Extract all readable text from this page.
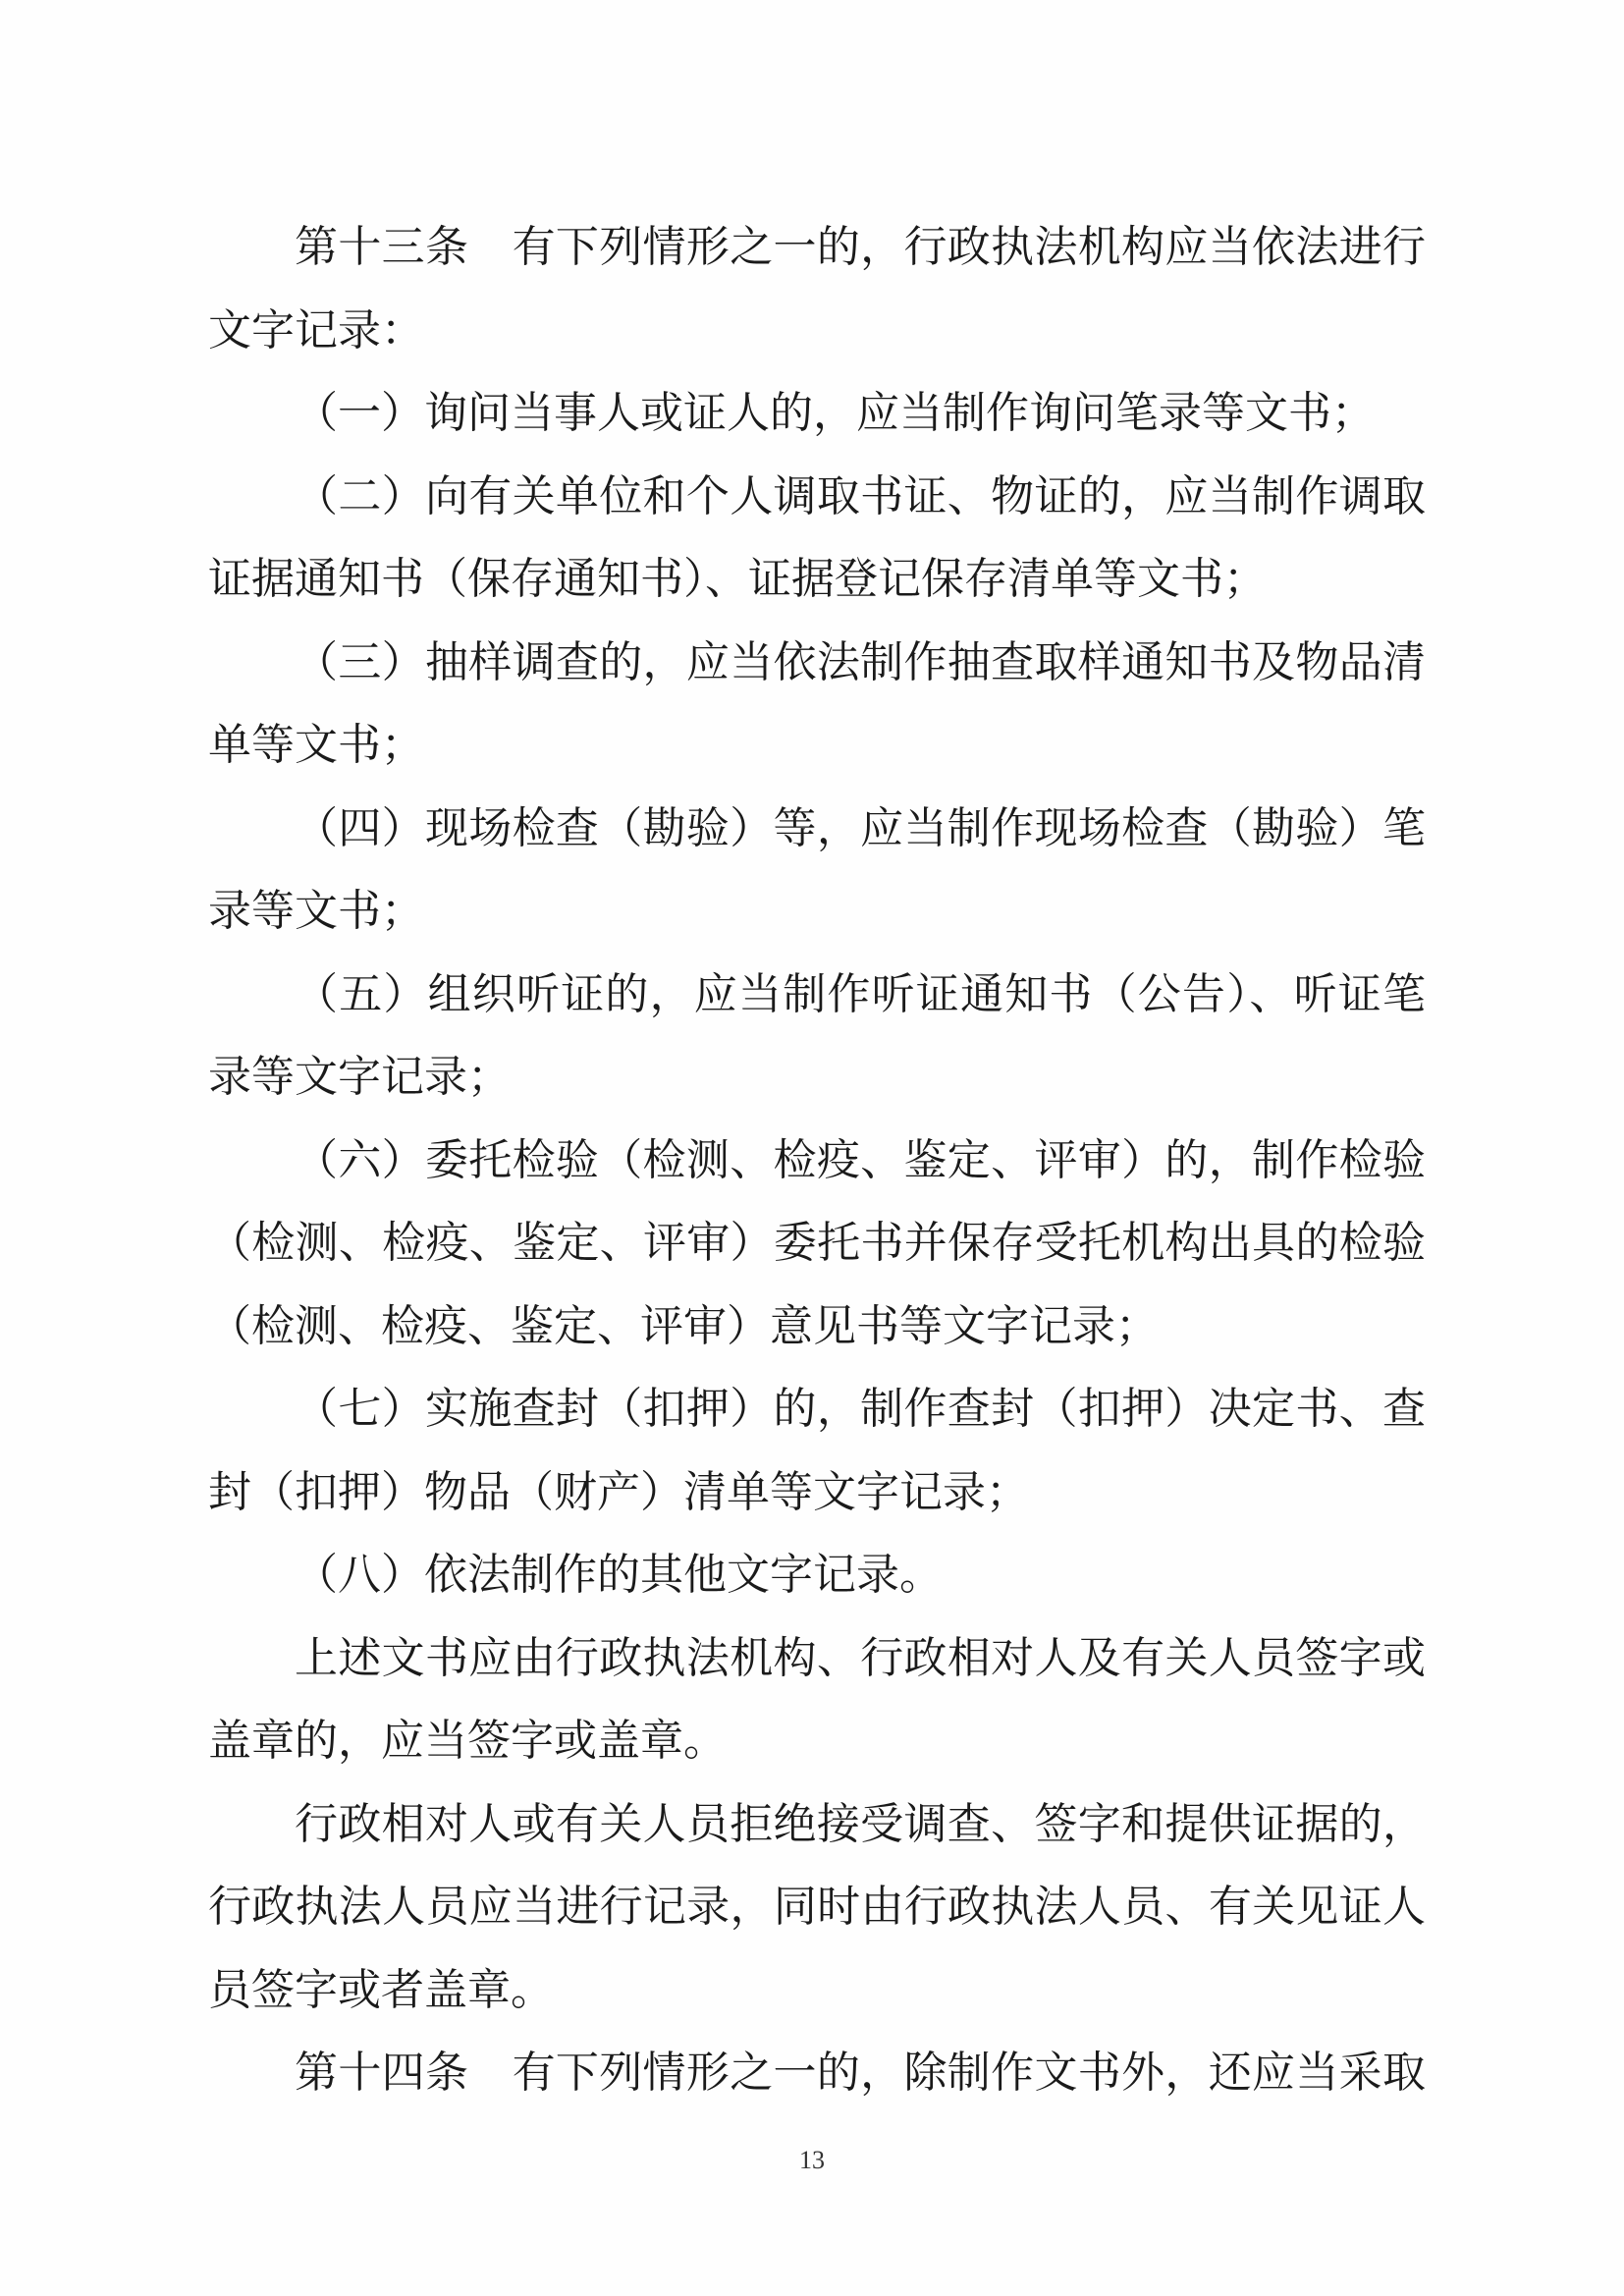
第十三条　有下列情形之一的，行政执法机构应当依法进行
文字记录：
（一）询问当事人或证人的，应当制作询问笔录等文书；
（二）向有关单位和个人调取书证、物证的，应当制作调取
证据通知书（保存通知书）、证据登记保存清单等文书；
（三）抽样调查的，应当依法制作抽查取样通知书及物品清
单等文书；
（四）现场检查（勘验）等，应当制作现场检查（勘验）笔
录等文书；
（五）组织听证的，应当制作听证通知书（公告）、听证笔
录等文字记录；
（六）委托检验（检测、检疫、鉴定、评审）的，制作检验
（检测、检疫、鉴定、评审）委托书并保存受托机构出具的检验
（检测、检疫、鉴定、评审）意见书等文字记录；
（七）实施查封（扣押）的，制作查封（扣押）决定书、查
封（扣押）物品（财产）清单等文字记录；
（八）依法制作的其他文字记录。
上述文书应由行政执法机构、行政相对人及有关人员签字或
盖章的，应当签字或盖章。
行政相对人或有关人员拒绝接受调查、签字和提供证据的，
行政执法人员应当进行记录，同时由行政执法人员、有关见证人
员签字或者盖章。
第十四条　有下列情形之一的，除制作文书外，还应当采取
13
